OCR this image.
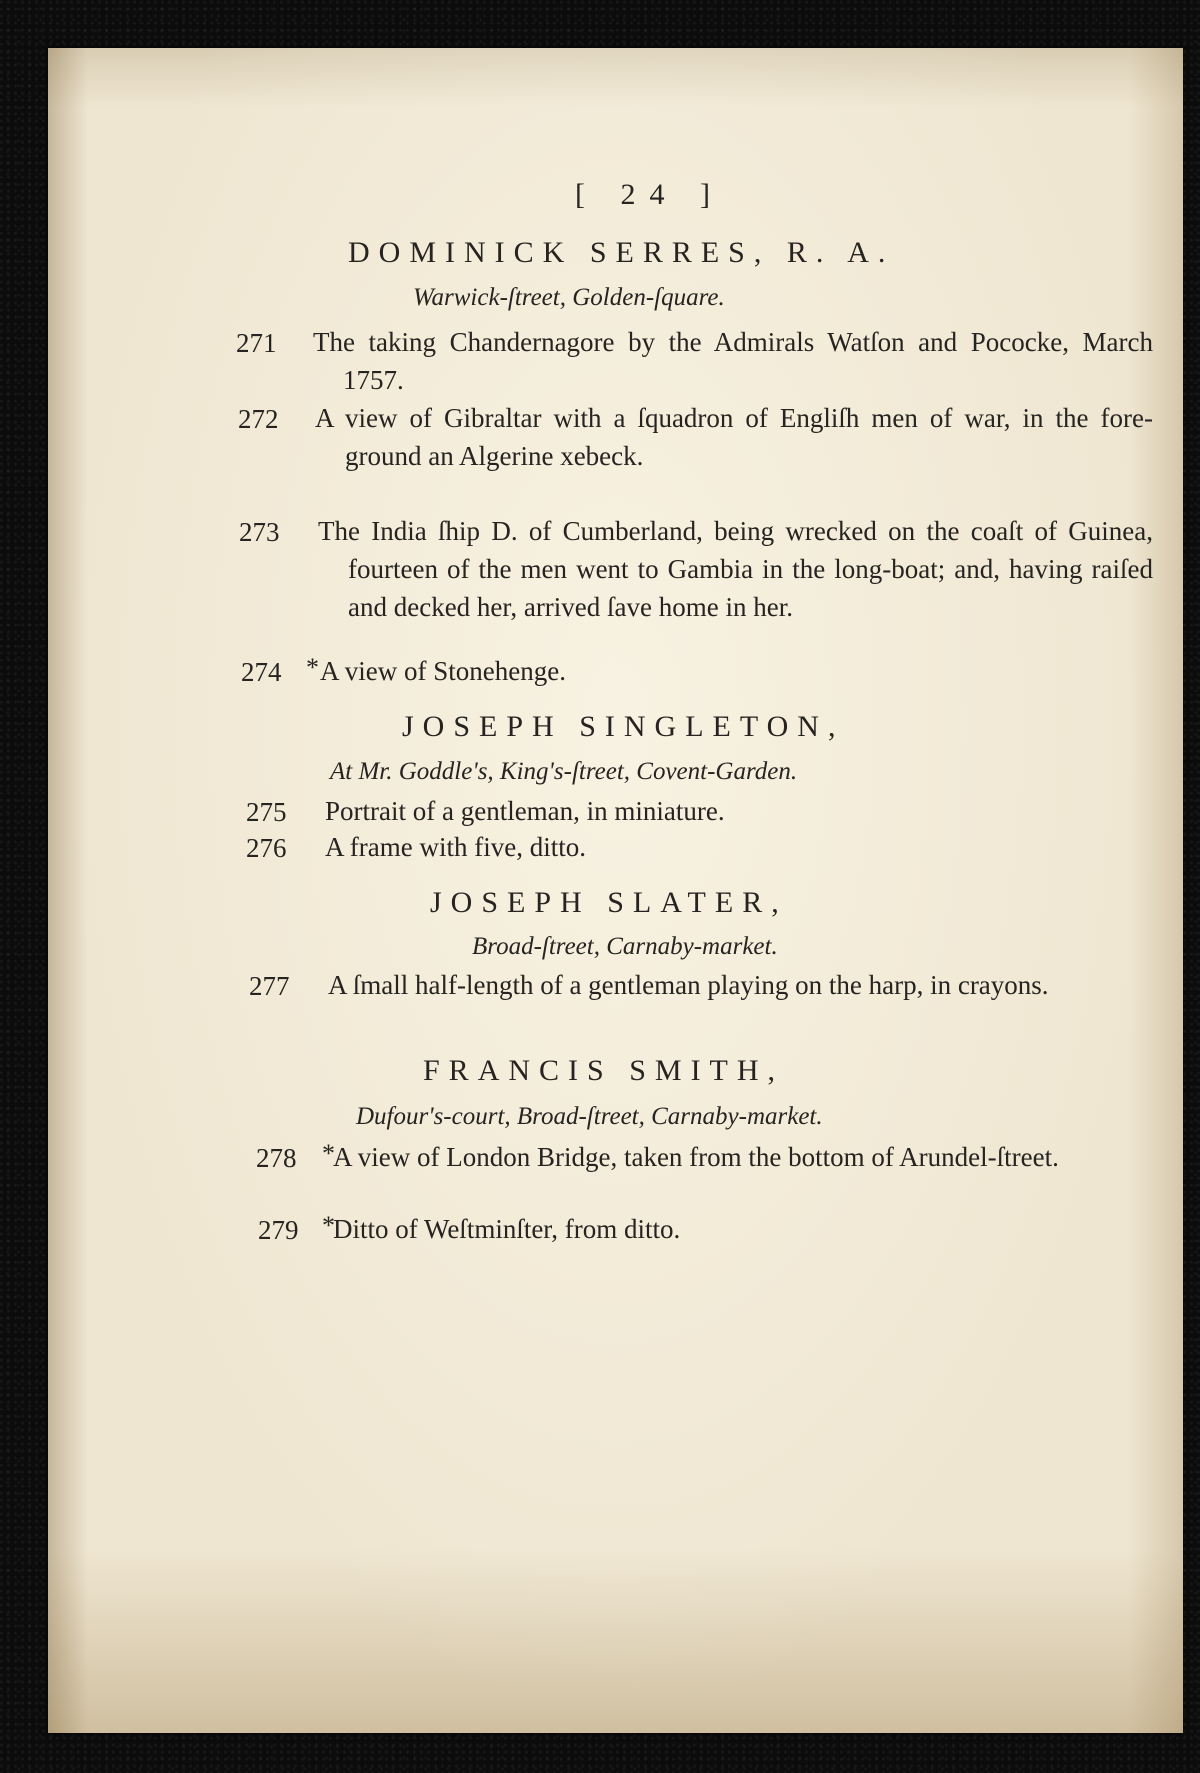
[ 24 ]
DOMINICK SERRES, R. A.
Warwick-ſtreet, Golden-ſquare.
271 The taking Chandernagore by the Admirals Watſon and Pococke, March 1757.
272 A view of Gibraltar with a ſquadron of Engliſh men of war, in the fore-ground an Algerine xebeck.
273 The India ſhip D. of Cumberland, being wrecked on the coaſt of Guinea, fourteen of the men went to Gambia in the long-boat; and, having raiſed and decked her, arrived ſave home in her.
274 * A view of Stonehenge.
JOSEPH SINGLETON,
At Mr. Goddle's, King's-ſtreet, Covent-Garden.
275 Portrait of a gentleman, in miniature.
276 A frame with five, ditto.
JOSEPH SLATER,
Broad-ſtreet, Carnaby-market.
277 A ſmall half-length of a gentleman playing on the harp, in crayons.
FRANCIS SMITH,
Dufour's-court, Broad-ſtreet, Carnaby-market.
278 *
A view of London Bridge, taken from the bottom of Arundel-ſtreet.
279 *
Ditto of Weſtminſter, from ditto.
